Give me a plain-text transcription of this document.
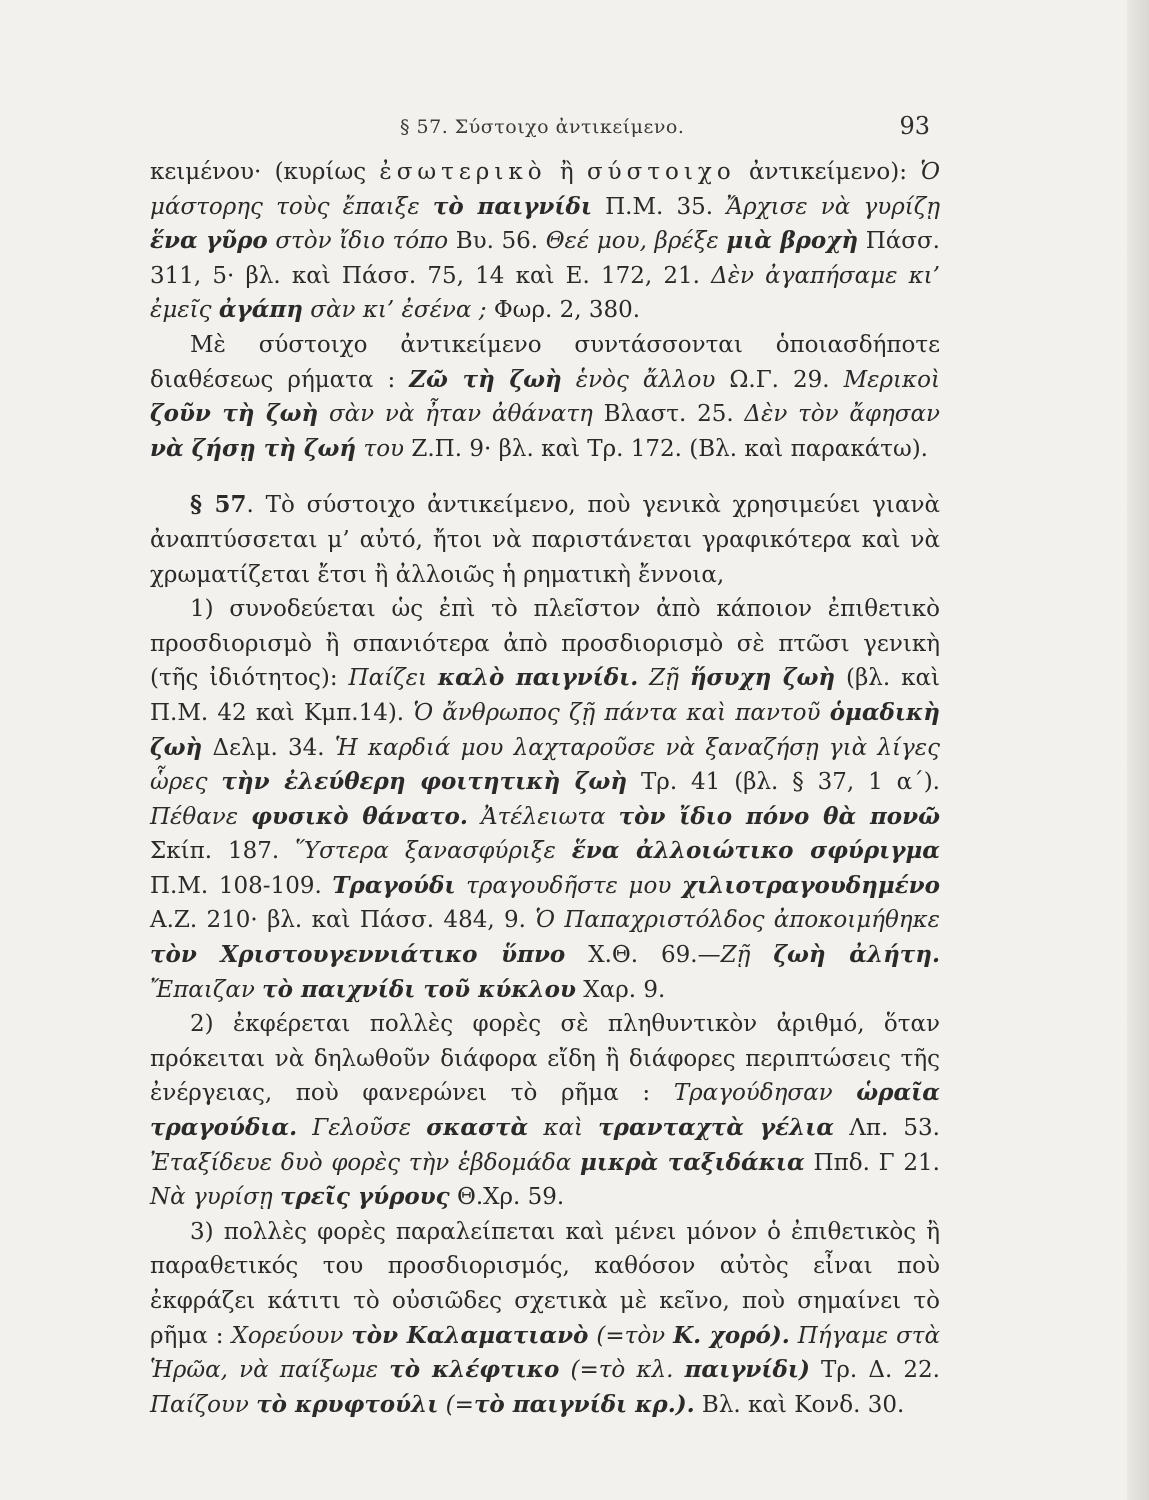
§ 57. Σύστοιχο ἀντικείμενο.	93

κειμένου· (κυρίως ἐσωτερικὸ ἢ σύστοιχο ἀντικείμενο): Ὁ μάστορης τοὺς ἔπαιξε τὸ παιγνίδι Π.Μ. 35. Ἄρχισε νὰ γυρίζῃ ἕνα γῦρο στὸν ἴδιο τόπο Βυ. 56. Θεέ μου, βρέξε μιὰ βροχὴ Πάσσ. 311, 5· βλ. καὶ Πάσσ. 75, 14 καὶ Ε. 172, 21. Δὲν ἀγαπήσαμε κι’ ἐμεῖς ἀγάπη σὰν κι’ ἐσένα ; Φωρ. 2, 380.

Μὲ σύστοιχο ἀντικείμενο συντάσσονται ὁποιασδήποτε διαθέσεως ρήματα : Ζῶ τὴ ζωὴ ἑνὸς ἄλλου Ω.Γ. 29. Μερικοὶ ζοῦν τὴ ζωὴ σὰν νὰ ἦταν ἀθάνατη Βλαστ. 25. Δὲν τὸν ἄφησαν νὰ ζήσῃ τὴ ζωή του Ζ.Π. 9· βλ. καὶ Τρ. 172. (Βλ. καὶ παρακάτω).

§ 57. Τὸ σύστοιχο ἀντικείμενο, ποὺ γενικὰ χρησιμεύει γιανὰ ἀναπτύσσεται μ’ αὐτό, ἤτοι νὰ παριστάνεται γραφικότερα καὶ νὰ χρωματίζεται ἔτσι ἢ ἀλλοιῶς ἡ ρηματικὴ ἔννοια,

1) συνοδεύεται ὡς ἐπὶ τὸ πλεῖστον ἀπὸ κάποιον ἐπιθετικὸ προσδιορισμὸ ἢ σπανιότερα ἀπὸ προσδιορισμὸ σὲ πτῶσι γενικὴ (τῆς ἰδιότητος): Παίζει καλὸ παιγνίδι. Ζῇ ἥσυχη ζωὴ (βλ. καὶ Π.Μ. 42 καὶ Κμπ.14). Ὁ ἄνθρωπος ζῇ πάντα καὶ παντοῦ ὁμαδικὴ ζωὴ Δελμ. 34. Ἡ καρδιά μου λαχταροῦσε νὰ ξαναζήσῃ γιὰ λίγες ὧρες τὴν ἐλεύθερη φοιτητικὴ ζωὴ Τρ. 41 (βλ. § 37, 1 α΄). Πέθανε φυσικὸ θάνατο. Ἀτέλειωτα τὸν ἴδιο πόνο θὰ πονῶ Σκίπ. 187. Ὕστερα ξανασφύριξε ἕνα ἀλλοιώτικο σφύριγμα Π.Μ. 108-109. Τραγούδι τραγουδῆστε μου χιλιοτραγουδημένο Α.Ζ. 210· βλ. καὶ Πάσσ. 484, 9. Ὁ Παπαχριστόλδος ἀποκοιμήθηκε τὸν Χριστουγεννιάτικο ὕπνο Χ.Θ. 69.—Ζῇ ζωὴ ἀλήτη. Ἔπαιζαν τὸ παιχνίδι τοῦ κύκλου Χαρ. 9.

2) ἐκφέρεται πολλὲς φορὲς σὲ πληθυντικὸν ἀριθμό, ὅταν πρόκειται νὰ δηλωθοῦν διάφορα εἴδη ἢ διάφορες περιπτώσεις τῆς ἐνέργειας, ποὺ φανερώνει τὸ ρῆμα : Τραγούδησαν ὡραῖα τραγούδια. Γελοῦσε σκαστὰ καὶ τρανταχτὰ γέλια Λπ. 53. Ἐταξίδευε δυὸ φορὲς τὴν ἑβδομάδα μικρὰ ταξιδάκια Ππδ. Γ 21. Νὰ γυρίσῃ τρεῖς γύρους Θ.Χρ. 59.

3) πολλὲς φορὲς παραλείπεται καὶ μένει μόνον ὁ ἐπιθετικὸς ἢ παραθετικός του προσδιορισμός, καθόσον αὐτὸς εἶναι ποὺ ἐκφράζει κάτιτι τὸ οὐσιῶδες σχετικὰ μὲ κεῖνο, ποὺ σημαίνει τὸ ρῆμα : Χορεύουν τὸν Καλαματιανὸ (=τὸν Κ. χορό). Πήγαμε στὰ Ἡρῶα, νὰ παίξωμε τὸ κλέφτικο (=τὸ κλ. παιγνίδι) Τρ. Δ. 22. Παίζουν τὸ κρυφτούλι (=τὸ παιγνίδι κρ.). Βλ. καὶ Κονδ. 30.
